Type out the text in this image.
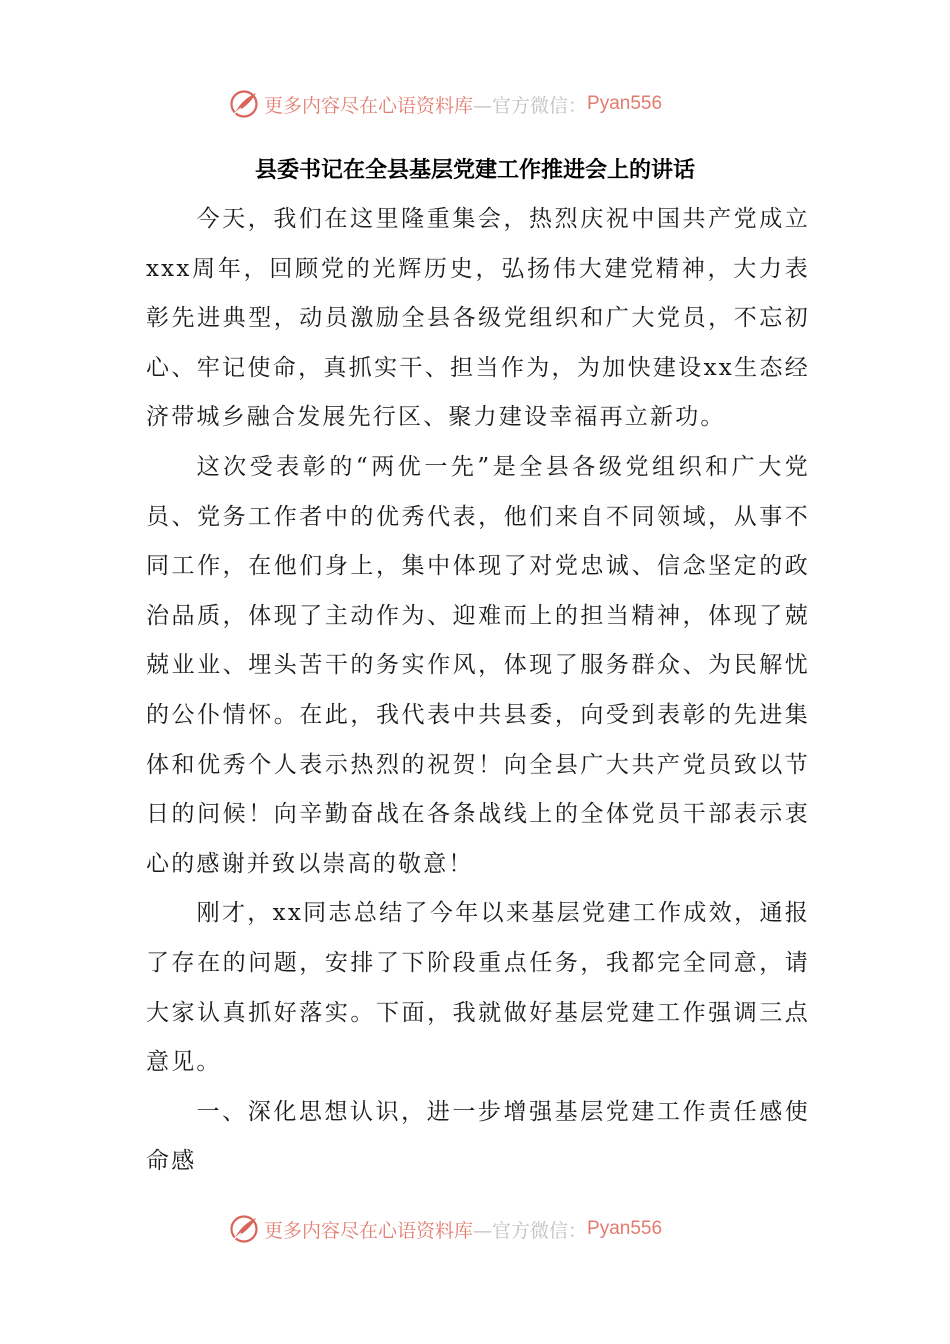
更多内容尽在心语资料库 —官方微信： Pyan556
县委书记在全县基层党建工作推进会上的讲话

今天，我们在这里隆重集会，热烈庆祝中国共产党成立xxx周年，回顾党的光辉历史，弘扬伟大建党精神，大力表彰先进典型，动员激励全县各级党组织和广大党员，不忘初心、牢记使命，真抓实干、担当作为，为加快建设xx生态经济带城乡融合发展先行区、聚力建设幸福再立新功。

这次受表彰的“两优一先”是全县各级党组织和广大党员、党务工作者中的优秀代表，他们来自不同领域，从事不同工作，在他们身上，集中体现了对党忠诚、信念坚定的政治品质，体现了主动作为、迎难而上的担当精神，体现了兢兢业业、埋头苦干的务实作风，体现了服务群众、为民解忧的公仆情怀。在此，我代表中共县委，向受到表彰的先进集体和优秀个人表示热烈的祝贺！向全县广大共产党员致以节日的问候！向辛勤奋战在各条战线上的全体党员干部表示衷心的感谢并致以崇高的敬意！

刚才，xx同志总结了今年以来基层党建工作成效，通报了存在的问题，安排了下阶段重点任务，我都完全同意，请大家认真抓好落实。下面，我就做好基层党建工作强调三点意见。

一、深化思想认识，进一步增强基层党建工作责任感使命感

更多内容尽在心语资料库 —官方微信： Pyan556
